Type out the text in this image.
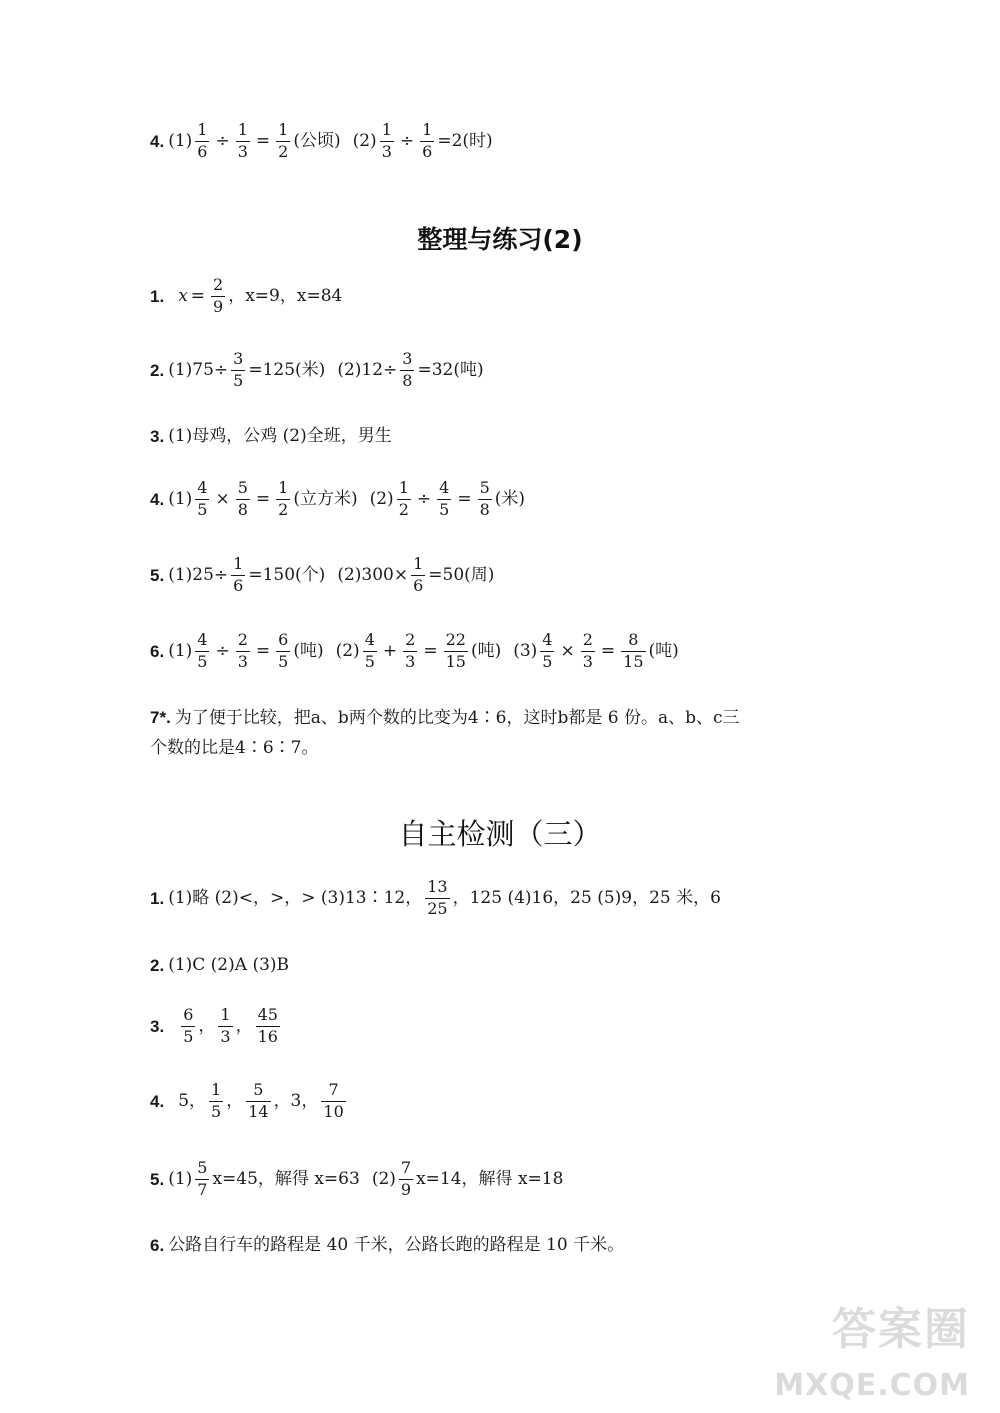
4. $(1) \frac{1}{6} \div \frac{1}{3} = \frac{1}{2}$ (公顷) $(2) \frac{1}{3} \div \frac{1}{6} =2$(时)
整理与练习(2)
1. $x = \frac{2}{9}$ ，x=9，x=84
2. $(1)75\div \frac{3}{5} =125$(米) $(2)12\div \frac{3}{8} =32$(吨)
3. (1)母鸡，公鸡 (2)全班，男生
4. $(1) \frac{4}{5} \times \frac{5}{8} = \frac{1}{2}$ (立方米) $(2) \frac{1}{2} \div \frac{4}{5} = \frac{5}{8}$ (米)
5. $(1)25\div \frac{1}{6} =150$(个) $(2)300\times \frac{1}{6} =50$(周)
6. $(1) \frac{4}{5} \div \frac{2}{3} = \frac{6}{5}$ (吨) $(2) \frac{4}{5} + \frac{2}{3} = \frac{22}{15}$ (吨) $(3) \frac{4}{5} \times \frac{2}{3} = \frac{8}{15}$ (吨)
7*. 为了便于比较，把a、b两个数的比变为4∶6，这时b都是 6 份。a、b、c三
个数的比是4∶6∶7。
自主检测（三）
1. (1)略 (2)<，>，> (3)13∶12， $\frac{13}{25}$ ，125 (4)16，25 (5)9，25 米，6
2. (1)C (2)A (3)B
3. $\frac{6}{5}$ ， $\frac{1}{3}$ ， $\frac{45}{16}$
4. 5， $\frac{1}{5}$ ， $\frac{5}{14}$ ，3， $\frac{7}{10}$
5. $(1) \frac{5}{7} x=45$，解得 x=63 $(2) \frac{7}{9} x=14$，解得 x=18
6. 公路自行车的路程是 40 千米，公路长跑的路程是 10 千米。
答案圈
MXQE.COM
